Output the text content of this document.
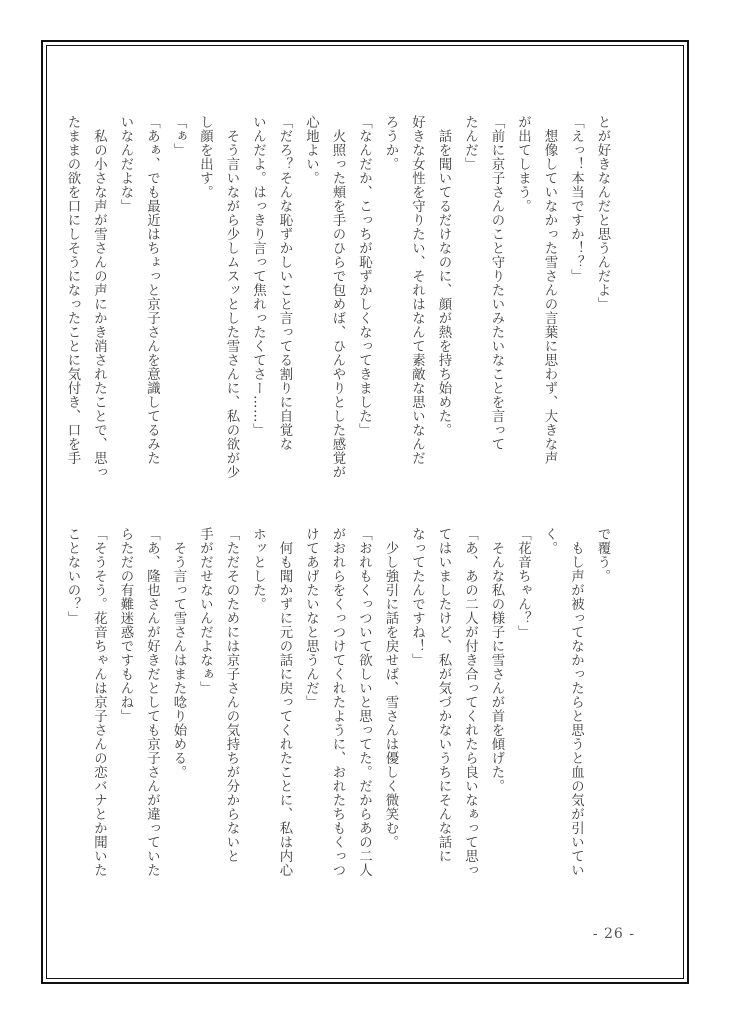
とが好きなんだと思うんだよ」

「えっ！本当ですか！？」

　想像していなかった雪さんの言葉に思わず、大きな声

が出てしまう。

「前に京子さんのこと守りたいみたいなことを言って

たんだ」

　話を聞いてるだけなのに、顔が熱を持ち始めた。

好きな女性を守りたい、それはなんて素敵な思いなんだ

ろうか。

「なんだか、こっちが恥ずかしくなってきました」

　火照った頬を手のひらで包めば、ひんやりとした感覚が

心地よい。

「だろ？そんな恥ずかしいこと言ってる割りに自覚な

いんだよ。はっきり言って焦れったくてさー……」

　そう言いながら少しムスッとした雪さんに、私の欲が少

し顔を出す。

「ぁ」

「あぁ、でも最近はちょっと京子さんを意識してるみた

いなんだよな」

　私の小さな声が雪さんの声にかき消されたことで、思っ

たままの欲を口にしそうになったことに気付き、口を手

で覆う。

　もし声が被ってなかったらと思うと血の気が引いてい

く。

「花音ちゃん？」

　そんな私の様子に雪さんが首を傾げた。

「あ、あの二人が付き合ってくれたら良いなぁって思っ

てはいましたけど、私が気づかないうちにそんな話に

なってたんですね！」

　少し強引に話を戻せば、雪さんは優しく微笑む。

「おれもくっついて欲しいと思ってた。だからあの二人

がおれらをくっつけてくれたように、おれたちもくっつ

けてあげたいなと思うんだ」

　何も聞かずに元の話に戻ってくれたことに、私は内心

ホッとした。

「ただそのためには京子さんの気持ちが分からないと

手がだせないんだよなぁ」

　そう言って雪さんはまた唸り始める。

「あ、隆也さんが好きだとしても京子さんが違っていた

らただの有難迷惑ですもんね」

「そうそう。花音ちゃんは京子さんの恋バナとか聞いた

ことないの？」

- 26 -
